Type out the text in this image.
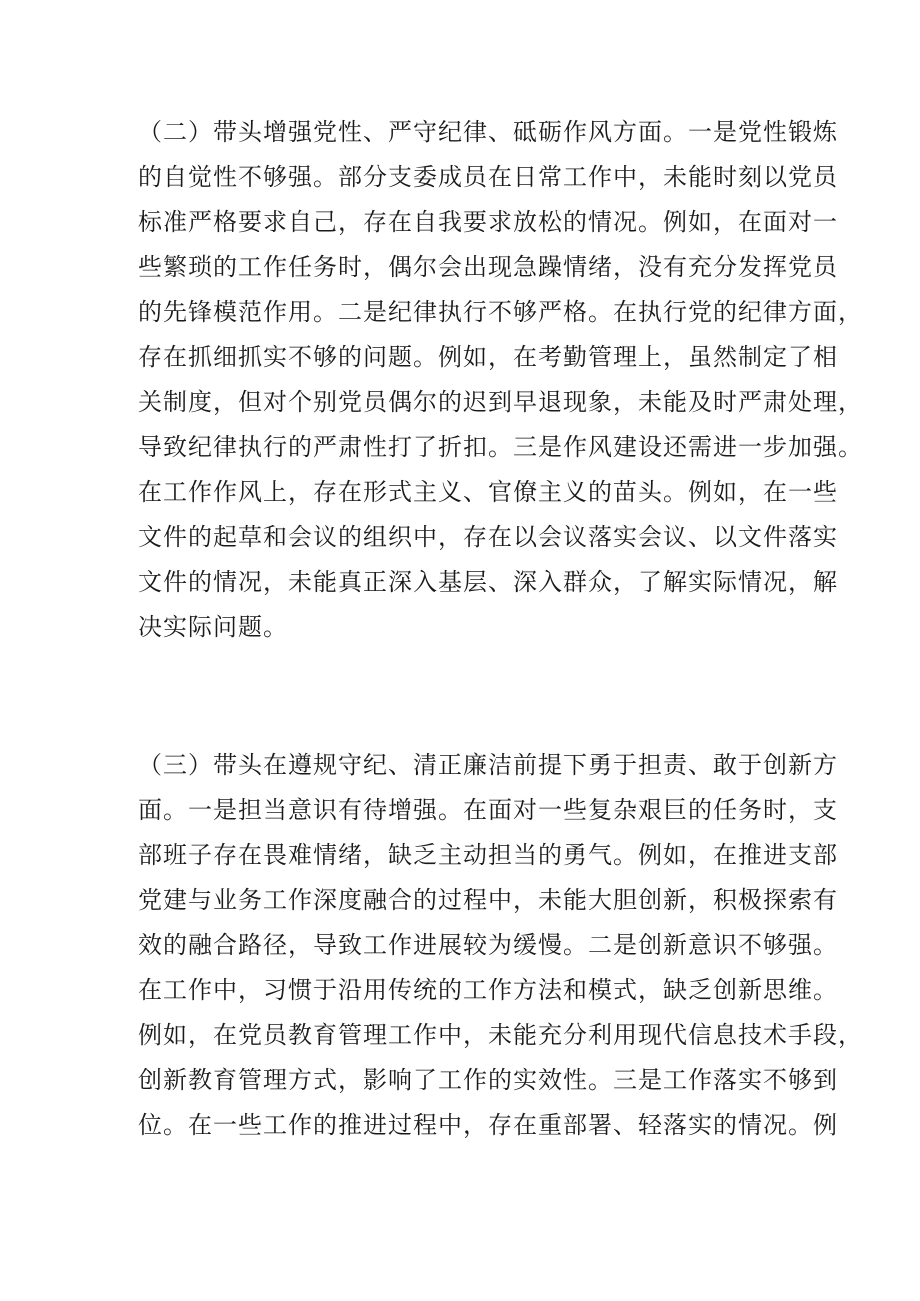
（二）带头增强党性、严守纪律、砥砺作风方面。一是党性锻炼
的自觉性不够强。部分支委成员在日常工作中，未能时刻以党员
标准严格要求自己，存在自我要求放松的情况。例如，在面对一
些繁琐的工作任务时，偶尔会出现急躁情绪，没有充分发挥党员
的先锋模范作用。二是纪律执行不够严格。在执行党的纪律方面，
存在抓细抓实不够的问题。例如，在考勤管理上，虽然制定了相
关制度，但对个别党员偶尔的迟到早退现象，未能及时严肃处理，
导致纪律执行的严肃性打了折扣。三是作风建设还需进一步加强。
在工作作风上，存在形式主义、官僚主义的苗头。例如，在一些
文件的起草和会议的组织中，存在以会议落实会议、以文件落实
文件的情况，未能真正深入基层、深入群众，了解实际情况，解
决实际问题。
（三）带头在遵规守纪、清正廉洁前提下勇于担责、敢于创新方
面。一是担当意识有待增强。在面对一些复杂艰巨的任务时，支
部班子存在畏难情绪，缺乏主动担当的勇气。例如，在推进支部
党建与业务工作深度融合的过程中，未能大胆创新，积极探索有
效的融合路径，导致工作进展较为缓慢。二是创新意识不够强。
在工作中，习惯于沿用传统的工作方法和模式，缺乏创新思维。
例如，在党员教育管理工作中，未能充分利用现代信息技术手段，
创新教育管理方式，影响了工作的实效性。三是工作落实不够到
位。在一些工作的推进过程中，存在重部署、轻落实的情况。例
